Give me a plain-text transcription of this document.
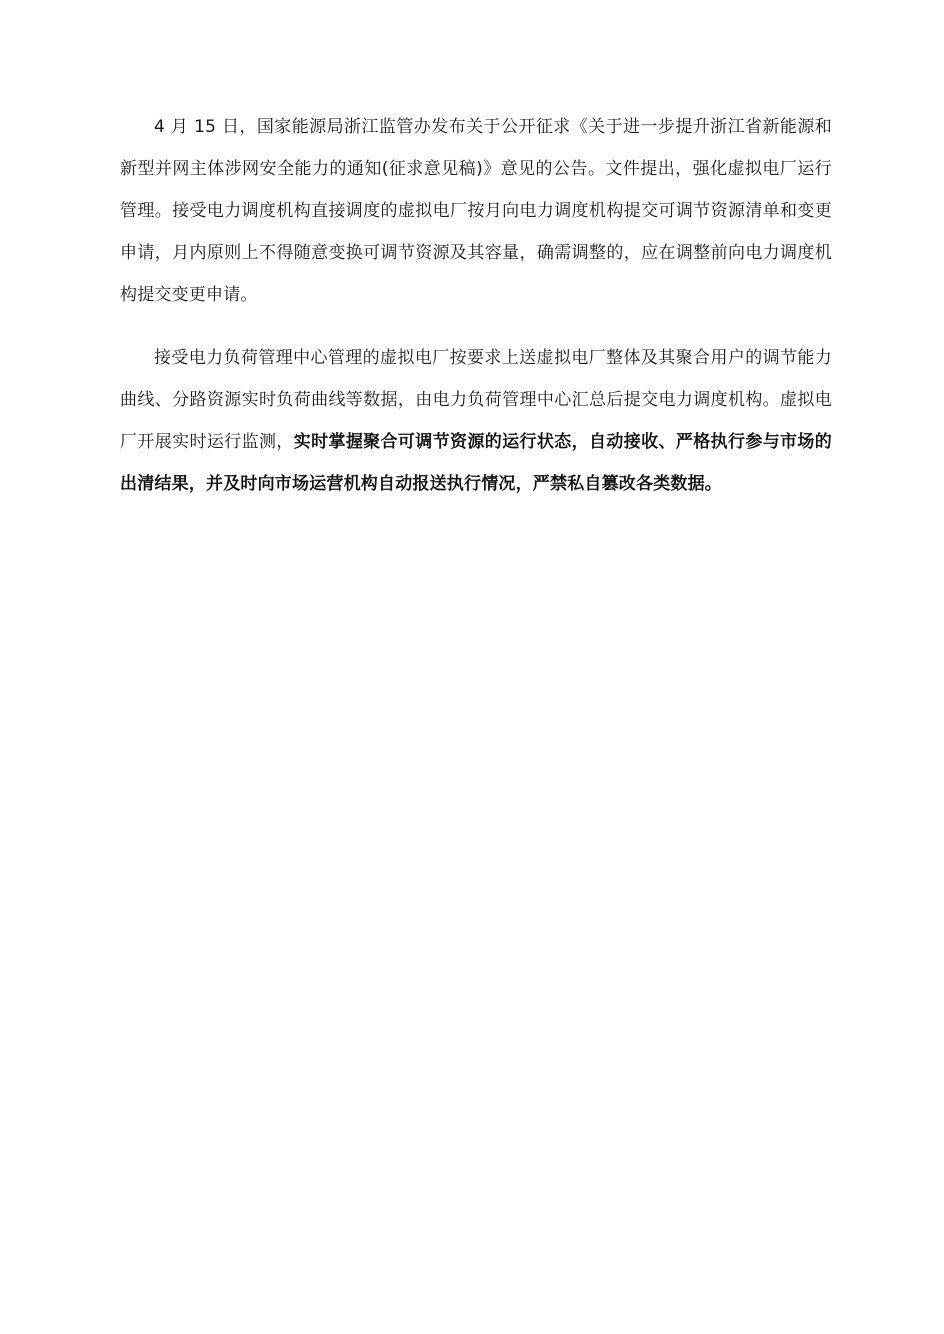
4 月 15 日，国家能源局浙江监管办发布关于公开征求《关于进一步提升浙江省新能源和新型并网主体涉网安全能力的通知(征求意见稿)》意见的公告。文件提出，强化虚拟电厂运行管理。接受电力调度机构直接调度的虚拟电厂按月向电力调度机构提交可调节资源清单和变更申请，月内原则上不得随意变换可调节资源及其容量，确需调整的，应在调整前向电力调度机构提交变更申请。

接受电力负荷管理中心管理的虚拟电厂按要求上送虚拟电厂整体及其聚合用户的调节能力曲线、分路资源实时负荷曲线等数据，由电力负荷管理中心汇总后提交电力调度机构。虚拟电厂开展实时运行监测，实时掌握聚合可调节资源的运行状态，自动接收、严格执行参与市场的出清结果，并及时向市场运营机构自动报送执行情况，严禁私自篡改各类数据。
